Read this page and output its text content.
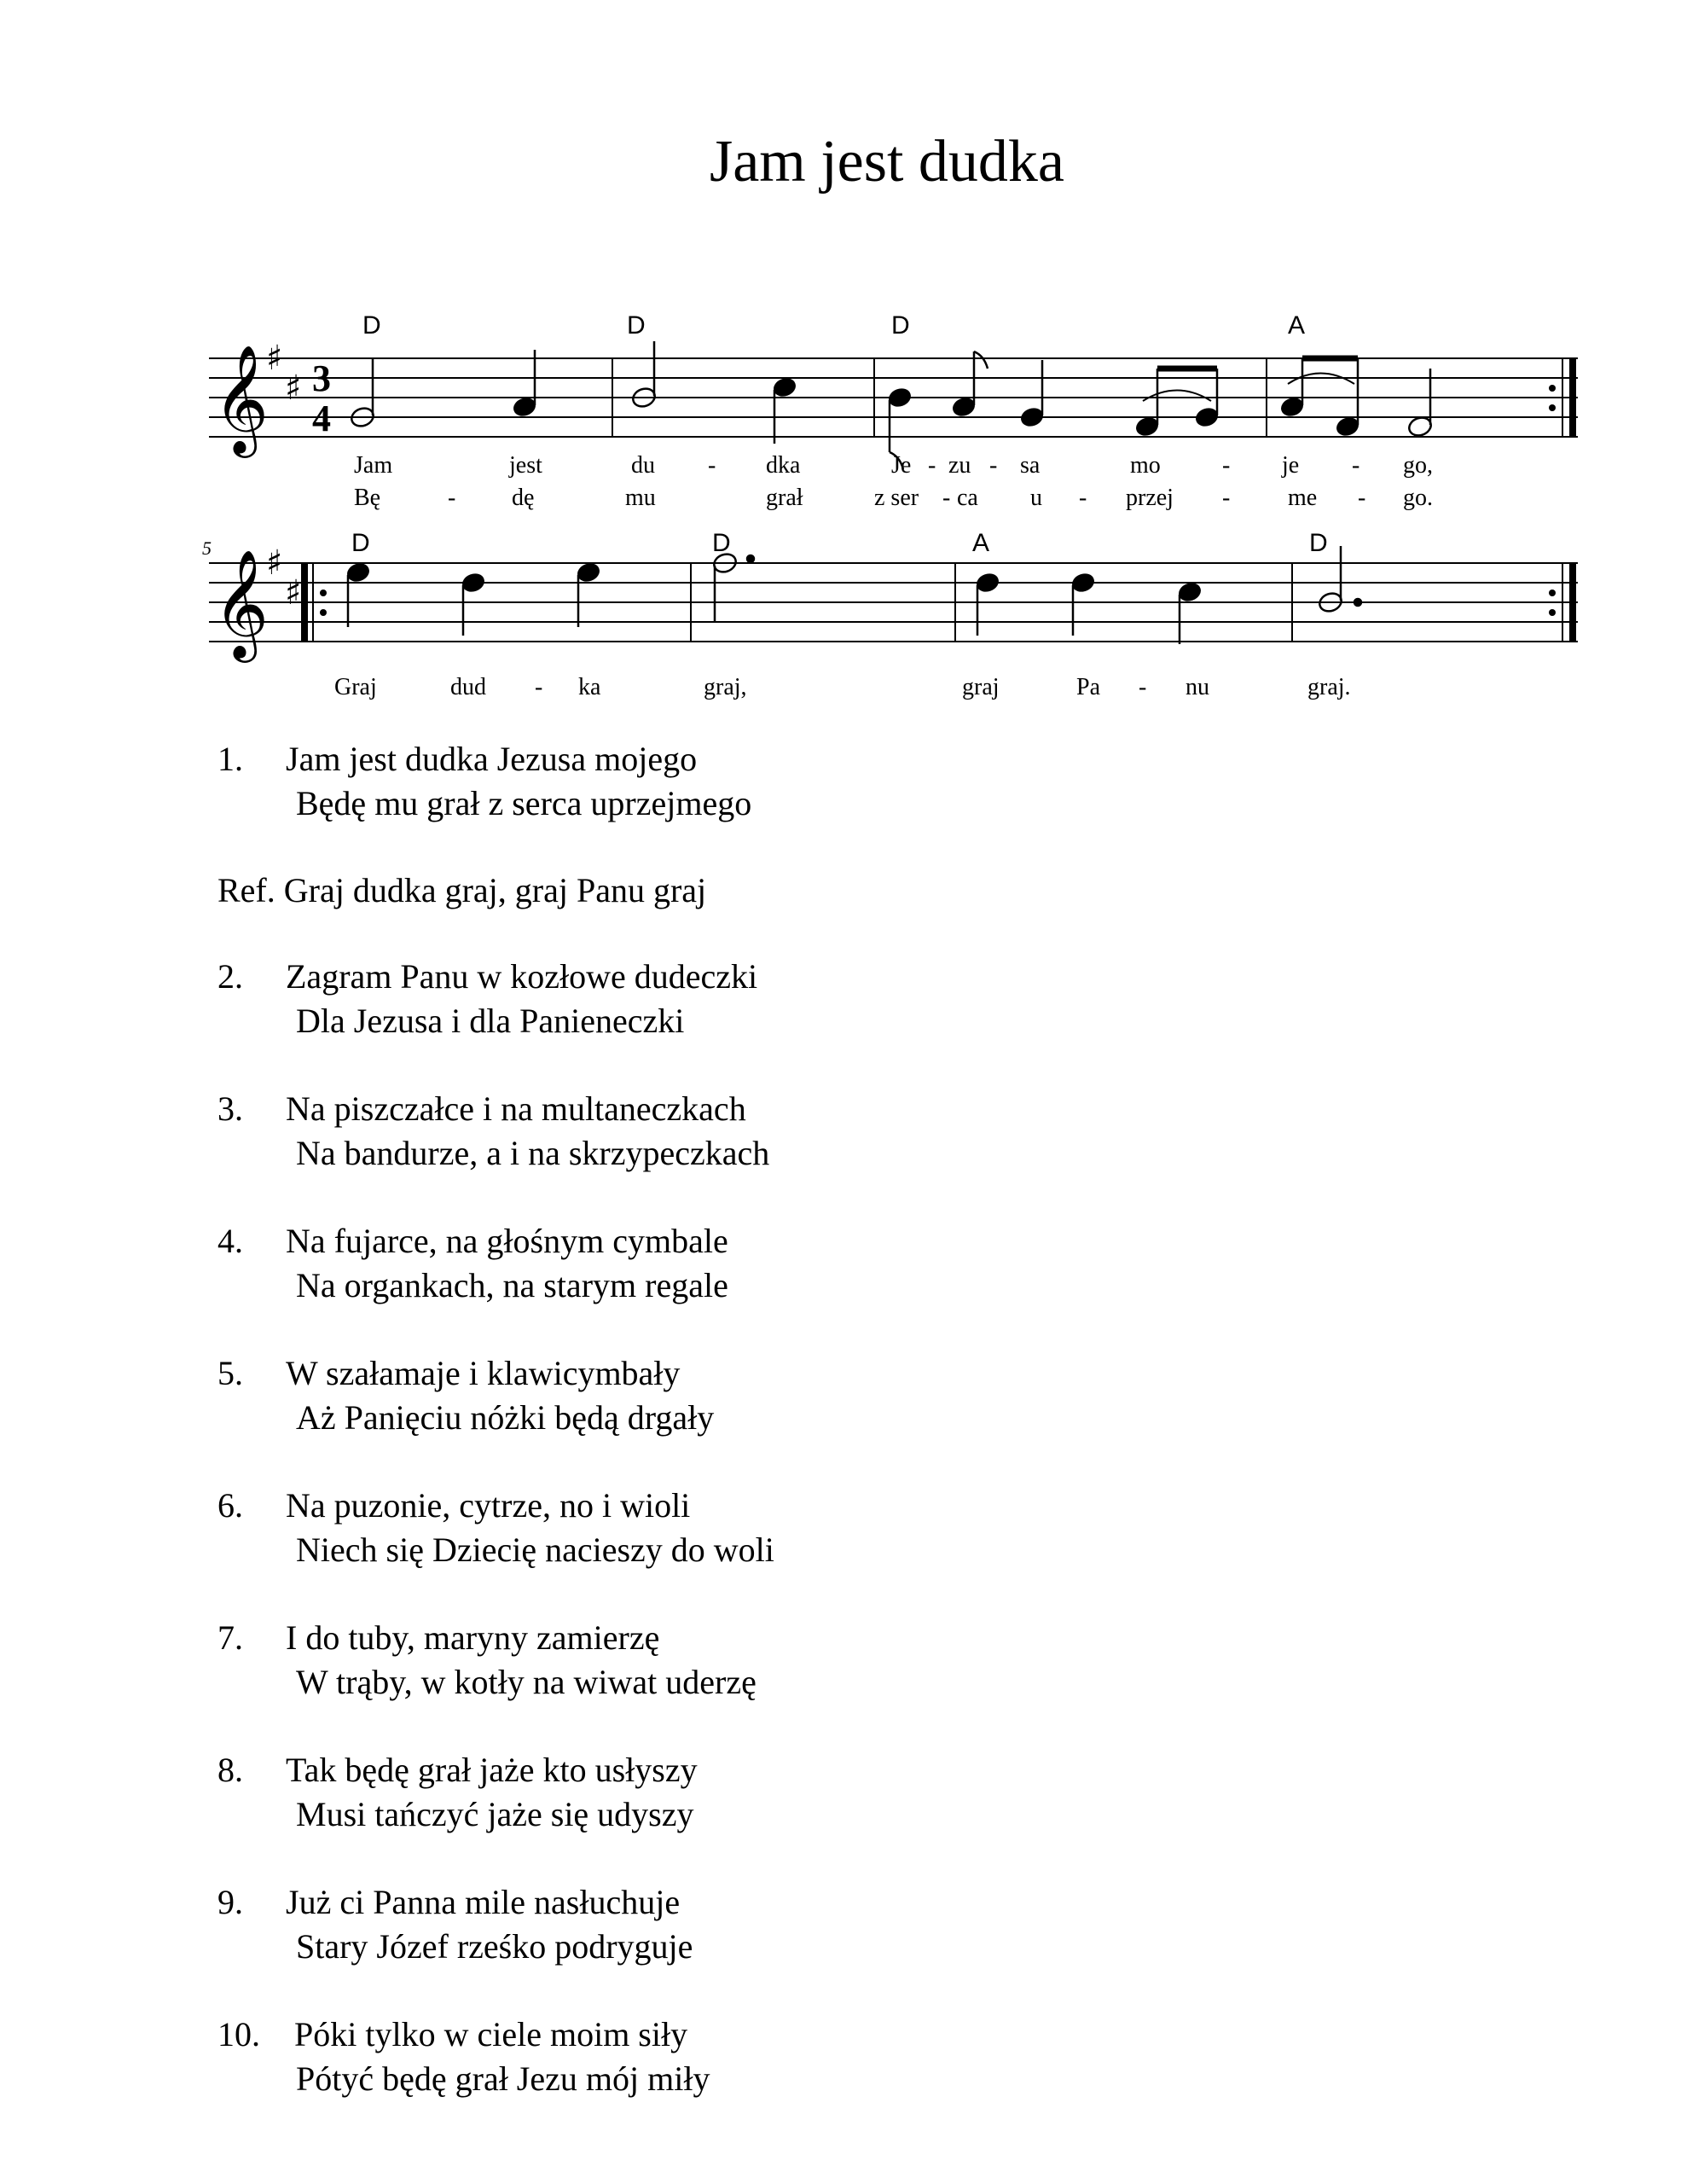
Jam jest dudka
𝄞
𝄞
♯
♯
♯
♯
3
4
D	D	D	A
Jam	jest	du - dka	Je - zu - sa	mo	- je - go,
Bę	- dę	mu	grał	z ser - ca u - przej - me - go.
5	D	D	A	D
Graj	dud - ka	graj,	graj	Pa - nu	graj.
1. Jam jest dudka Jezusa mojego
Będę mu grał z serca uprzejmego
Ref. Graj dudka graj, graj Panu graj
2. Zagram Panu w kozłowe dudeczki
Dla Jezusa i dla Panieneczki
3. Na piszczałce i na multaneczkach
Na bandurze, a i na skrzypeczkach
4. Na fujarce, na głośnym cymbale
Na organkach, na starym regale
5. W szałamaje i klawicymbały
Aż Panięciu nóżki będą drgały
6. Na puzonie, cytrze, no i wioli
Niech się Dziecię nacieszy do woli
7. I do tuby, maryny zamierzę
W trąby, w kotły na wiwat uderzę
8. Tak będę grał jaże kto usłyszy
Musi tańczyć jaże się udyszy
9. Już ci Panna mile nasłuchuje
Stary Józef rześko podryguje
10. Póki tylko w ciele moim siły
Pótyć będę grał Jezu mój miły
